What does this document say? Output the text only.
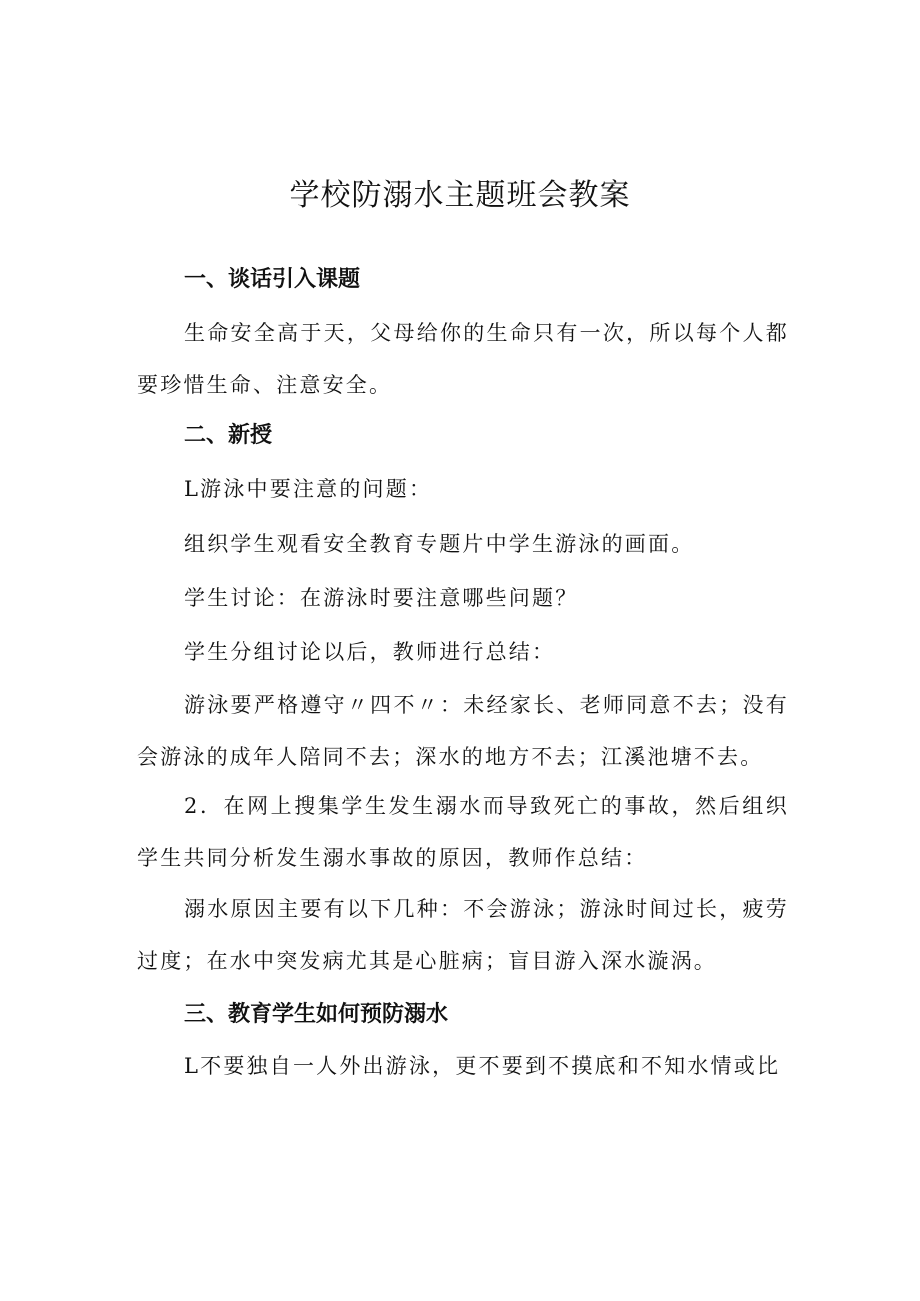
学校防溺水主题班会教案
一、谈话引入课题
生命安全高于天，父母给你的生命只有一次，所以每个人都要珍惜生命、注意安全。
二、新授
L游泳中要注意的问题：
组织学生观看安全教育专题片中学生游泳的画面。
学生讨论：在游泳时要注意哪些问题？
学生分组讨论以后，教师进行总结：
游泳要严格遵守〃四不〃：未经家长、老师同意不去；没有会游泳的成年人陪同不去；深水的地方不去；江溪池塘不去。
2．在网上搜集学生发生溺水而导致死亡的事故，然后组织学生共同分析发生溺水事故的原因，教师作总结：
溺水原因主要有以下几种：不会游泳；游泳时间过长，疲劳过度；在水中突发病尤其是心脏病；盲目游入深水漩涡。
三、教育学生如何预防溺水
L不要独自一人外出游泳，更不要到不摸底和不知水情或比
